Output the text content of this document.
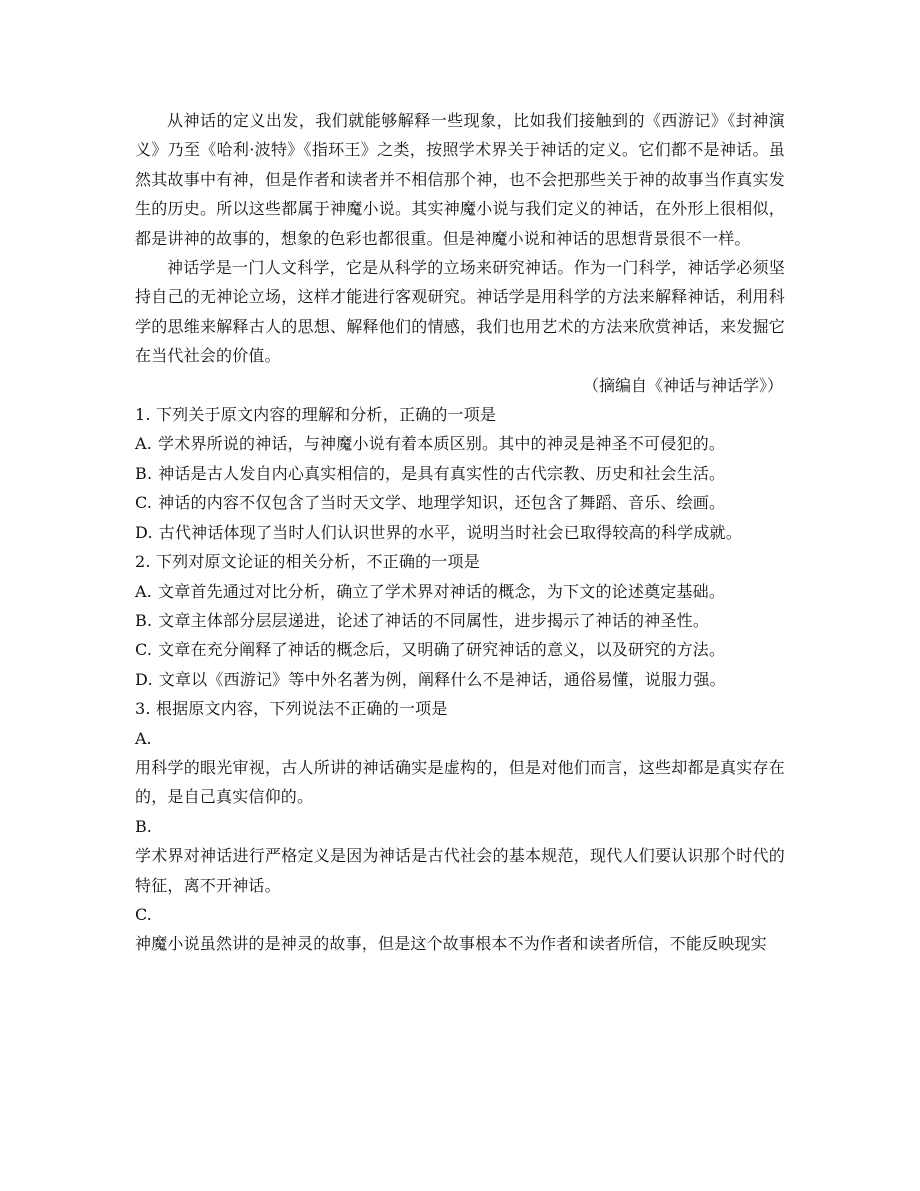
从神话的定义出发，我们就能够解释一些现象，比如我们接触到的《西游记》《封神演义》乃至《哈利·波特》《指环王》之类，按照学术界关于神话的定义。它们都不是神话。虽然其故事中有神，但是作者和读者并不相信那个神，也不会把那些关于神的故事当作真实发生的历史。所以这些都属于神魔小说。其实神魔小说与我们定义的神话，在外形上很相似，都是讲神的故事的，想象的色彩也都很重。但是神魔小说和神话的思想背景很不一样。

神话学是一门人文科学，它是从科学的立场来研究神话。作为一门科学，神话学必须坚持自己的无神论立场，这样才能进行客观研究。神话学是用科学的方法来解释神话，利用科学的思维来解释古人的思想、解释他们的情感，我们也用艺术的方法来欣赏神话，来发掘它在当代社会的价值。

（摘编自《神话与神话学》）

1. 下列关于原文内容的理解和分析，正确的一项是

A. 学术界所说的神话，与神魔小说有着本质区别。其中的神灵是神圣不可侵犯的。

B. 神话是古人发自内心真实相信的，是具有真实性的古代宗教、历史和社会生活。

C. 神话的内容不仅包含了当时天文学、地理学知识，还包含了舞蹈、音乐、绘画。

D. 古代神话体现了当时人们认识世界的水平，说明当时社会已取得较高的科学成就。

2. 下列对原文论证的相关分析，不正确的一项是

A. 文章首先通过对比分析，确立了学术界对神话的概念，为下文的论述奠定基础。

B. 文章主体部分层层递进，论述了神话的不同属性，进步揭示了神话的神圣性。

C. 文章在充分阐释了神话的概念后，又明确了研究神话的意义，以及研究的方法。

D. 文章以《西游记》等中外名著为例，阐释什么不是神话，通俗易懂，说服力强。

3. 根据原文内容，下列说法不正确的一项是

A.

用科学的眼光审视，古人所讲的神话确实是虚构的，但是对他们而言，这些却都是真实存在的，是自己真实信仰的。

B.

学术界对神话进行严格定义是因为神话是古代社会的基本规范，现代人们要认识那个时代的特征，离不开神话。

C.

神魔小说虽然讲的是神灵的故事，但是这个故事根本不为作者和读者所信，不能反映现实
